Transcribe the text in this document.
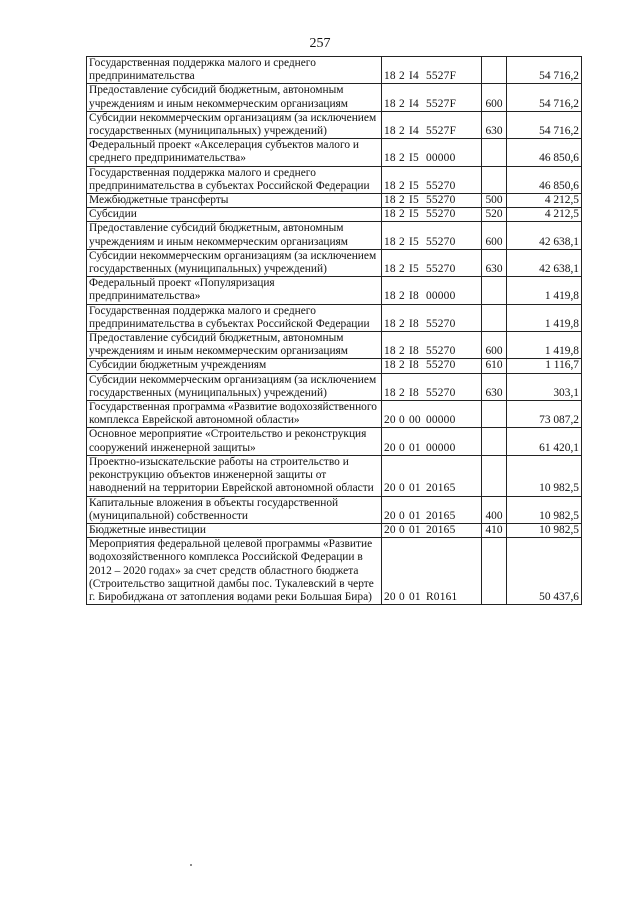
257
Государственная поддержка малого и среднего предпринимательства	18 2 I4 5527F		54 716,2
Предоставление субсидий бюджетным, автономным учреждениям и иным некоммерческим организациям	18 2 I4 5527F	600	54 716,2
Субсидии некоммерческим организациям (за исключением государственных (муниципальных) учреждений)	18 2 I4 5527F	630	54 716,2
Федеральный проект «Акселерация субъектов малого и среднего предпринимательства»	18 2 I5 00000		46 850,6
Государственная поддержка малого и среднего предпринимательства в субъектах Российской Федерации	18 2 I5 55270		46 850,6
Межбюджетные трансферты	18 2 I5 55270	500	4 212,5
Субсидии	18 2 I5 55270	520	4 212,5
Предоставление субсидий бюджетным, автономным учреждениям и иным некоммерческим организациям	18 2 I5 55270	600	42 638,1
Субсидии некоммерческим организациям (за исключением государственных (муниципальных) учреждений)	18 2 I5 55270	630	42 638,1
Федеральный проект «Популяризация предпринимательства»	18 2 I8 00000		1 419,8
Государственная поддержка малого и среднего предпринимательства в субъектах Российской Федерации	18 2 I8 55270		1 419,8
Предоставление субсидий бюджетным, автономным учреждениям и иным некоммерческим организациям	18 2 I8 55270	600	1 419,8
Субсидии бюджетным учреждениям	18 2 I8 55270	610	1 116,7
Субсидии некоммерческим организациям (за исключением государственных (муниципальных) учреждений)	18 2 I8 55270	630	303,1
Государственная программа «Развитие водохозяйственного комплекса Еврейской автономной области»	20 0 00 00000		73 087,2
Основное мероприятие «Строительство и реконструкция сооружений инженерной защиты»	20 0 01 00000		61 420,1
Проектно-изыскательские работы на строительство и реконструкцию объектов инженерной защиты от наводнений на территории Еврейской автономной области	20 0 01 20165		10 982,5
Капитальные вложения в объекты государственной (муниципальной) собственности	20 0 01 20165	400	10 982,5
Бюджетные инвестиции	20 0 01 20165	410	10 982,5
Мероприятия федеральной целевой программы «Развитие водохозяйственного комплекса Российской Федерации в 2012 – 2020 годах» за счет средств областного бюджета (Строительство защитной дамбы пос. Тукалевский в черте г. Биробиджана от затопления водами реки Большая Бира)	20 0 01 R0161		50 437,6
